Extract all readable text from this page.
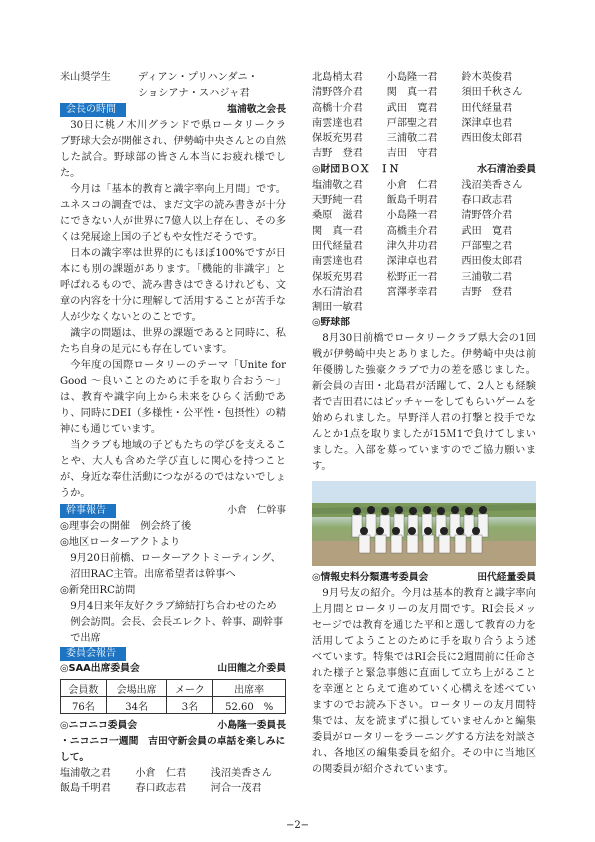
米山奨学生	ディアン・プリハンダニ・
ショシアナ・スハジャ君
会長の時間	塩浦敬之会長

30日に桃ノ木川グランドで県ロータリークラブ野球大会が開催され、伊勢崎中央さんとの自然した試合。野球部の皆さん本当にお疲れ様でした。

今月は「基本的教育と識字率向上月間」です。ユネスコの調査では、まだ文字の読み書きが十分にできない人が世界に7億人以上存在し、その多くは発展途上国の子どもや女性だそうです。

日本の識字率は世界的にもほぼ100%ですが日本にも別の課題があります。「機能的非識字」と呼ばれるもので、読み書きはできるけれども、文章の内容を十分に理解して活用することが苦手な人が少なくないとのことです。

識字の問題は、世界の課題であると同時に、私たち自身の足元にも存在しています。

今年度の国際ロータリーのテーマ「Unite for Good ～良いことのために手を取り合おう～」は、教育や識字向上から未来をひらく活動であり、同時にDEI（多様性・公平性・包摂性）の精神にも通じています。

当クラブも地域の子どもたちの学びを支えることや、大人も含めた学び直しに関心を持つことが、身近な奉仕活動につながるのではないでしょうか。

幹事報告	小倉　仁幹事
◎理事会の開催　例会終了後
◎地区ローターアクトより
9月20日前橋、ローターアクトミーティング、沼田RAC主管。出席希望者は幹事へ
◎新発田RC訪問
9月4日来年友好クラブ締結打ち合わせのため例会訪問。会長、会長エレクト、幹事、副幹事で出席
委員会報告
◎SAA出席委員会	山田龍之介委員
会員数	会場出席	メーク	出席率
76名	34名	3名	52.60　%
◎ニコニコ委員会	小島隆一委員長
・ニコニコ一週間　吉田守新会員の卓話を楽しみにして。
塩浦敬之君	小倉　仁君	浅沼美香さん
飯島千明君	春口政志君	河合一茂君
北島梢太君	小島隆一君	鈴木英俊君
清野啓介君	関　真一君	須田千秋さん
高橋十介君	武田　寛君	田代経量君
南雲達也君	戸部聖之君	深津卓也君
保坂充男君	三浦敬二君	西田俊太郎君
吉野　登君	吉田　守君
◎財団ＢＯＸ　ＩＮ	水石清治委員
塩浦敬之君	小倉　仁君	浅沼美香さん
天野純一君	飯島千明君	春口政志君
桑原　滋君	小島隆一君	清野啓介君
関　真一君	高橋圭介君	武田　寛君
田代経量君	津久井功君	戸部聖之君
南雲達也君	深津卓也君	西田俊太郎君
保坂充男君	松野正一君	三浦敬二君
水石清治君	宮澤孝幸君	吉野　登君
割田一敏君
◎野球部

8月30日前橋でロータリークラブ県大会の1回戦が伊勢崎中央とありました。伊勢崎中央は前年優勝した強豪クラブで力の差を感じました。新会員の吉田・北島君が活躍して、2人とも経験者で吉田君にはピッチャーをしてもらいゲームを始められました。早野洋人君の打撃と投手でなんとか1点を取りましたが15Ｍ1で負けてしまいました。入部を募っていますのでご協力願います。

◎情報史料分類選考委員会	田代経量委員

9月号友の紹介。今月は基本的教育と識字率向上月間とロータリーの友月間です。RI会長メッセージでは教育を通じた平和と選して教育の力を活用してようことのために手を取り合うよう述べています。特集ではRI会長に2週間前に任命された様子と緊急事態に直面して立ち上がることを幸運ととらえて進めていく心構えを述べていますのでお読み下さい。ロータリーの友月間特集では、友を読まずに損していませんかと編集委員がロータリーをラーニングする方法を対談され、各地区の編集委員を紹介。その中に当地区の関委員が紹介されています。

−2−
